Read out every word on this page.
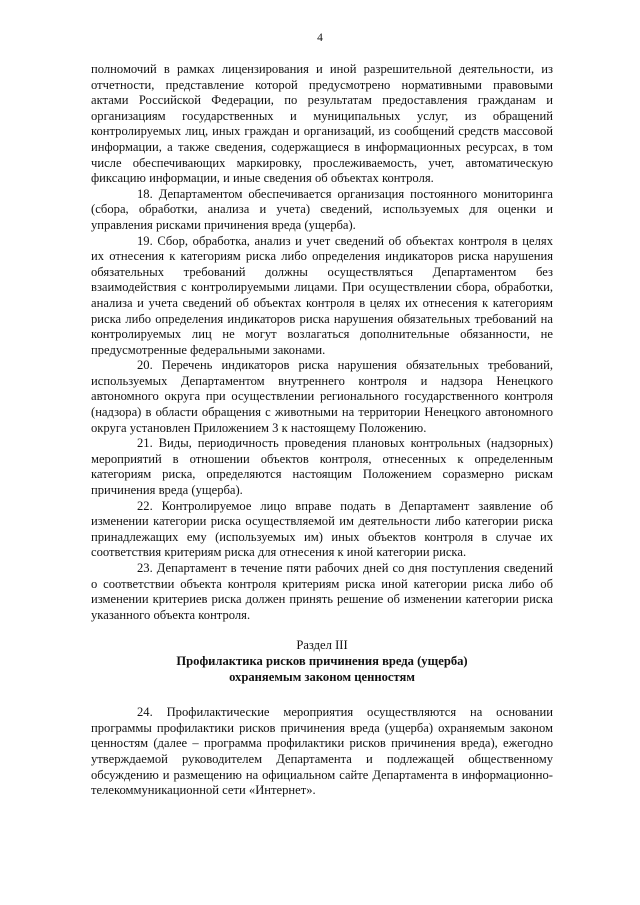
4

полномочий в рамках лицензирования и иной разрешительной деятельности, из отчетности, представление которой предусмотрено нормативными правовыми актами Российской Федерации, по результатам предоставления гражданам и организациям государственных и муниципальных услуг, из обращений контролируемых лиц, иных граждан и организаций, из сообщений средств массовой информации, а также сведения, содержащиеся в информационных ресурсах, в том числе обеспечивающих маркировку, прослеживаемость, учет, автоматическую фиксацию информации, и иные сведения об объектах контроля.

18. Департаментом обеспечивается организация постоянного мониторинга (сбора, обработки, анализа и учета) сведений, используемых для оценки и управления рисками причинения вреда (ущерба).

19. Сбор, обработка, анализ и учет сведений об объектах контроля в целях их отнесения к категориям риска либо определения индикаторов риска нарушения обязательных требований должны осуществляться Департаментом без взаимодействия с контролируемыми лицами. При осуществлении сбора, обработки, анализа и учета сведений об объектах контроля в целях их отнесения к категориям риска либо определения индикаторов риска нарушения обязательных требований на контролируемых лиц не могут возлагаться дополнительные обязанности, не предусмотренные федеральными законами.

20. Перечень индикаторов риска нарушения обязательных требований, используемых Департаментом внутреннего контроля и надзора Ненецкого автономного округа при осуществлении регионального государственного контроля (надзора) в области обращения с животными на территории Ненецкого автономного округа установлен Приложением 3 к настоящему Положению.

21. Виды, периодичность проведения плановых контрольных (надзорных) мероприятий в отношении объектов контроля, отнесенных к определенным категориям риска, определяются настоящим Положением соразмерно рискам причинения вреда (ущерба).

22. Контролируемое лицо вправе подать в Департамент заявление об изменении категории риска осуществляемой им деятельности либо категории риска принадлежащих ему (используемых им) иных объектов контроля в случае их соответствия критериям риска для отнесения к иной категории риска.

23. Департамент в течение пяти рабочих дней со дня поступления сведений о соответствии объекта контроля критериям риска иной категории риска либо об изменении критериев риска должен принять решение об изменении категории риска указанного объекта контроля.

Раздел III
Профилактика рисков причинения вреда (ущерба)
охраняемым законом ценностям

24. Профилактические мероприятия осуществляются на основании программы профилактики рисков причинения вреда (ущерба) охраняемым законом ценностям (далее – программа профилактики рисков причинения вреда), ежегодно утверждаемой руководителем Департамента и подлежащей общественному обсуждению и размещению на официальном сайте Департамента в информационно-телекоммуникационной сети «Интернет».
